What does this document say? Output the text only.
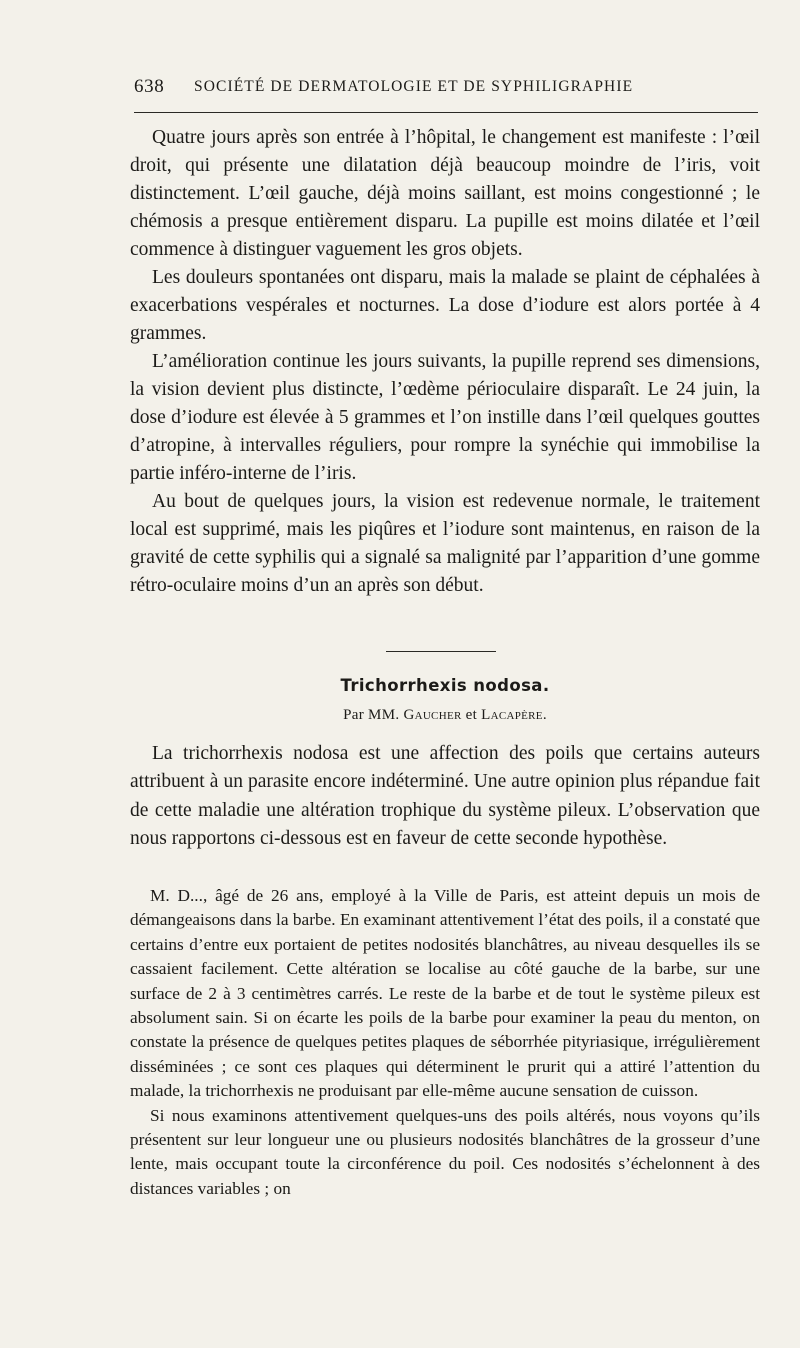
638 SOCIÉTÉ DE DERMATOLOGIE ET DE SYPHILIGRAPHIE

Quatre jours après son entrée à l’hôpital, le changement est manifeste : l’œil droit, qui présente une dilatation déjà beaucoup moindre de l’iris, voit distinctement. L’œil gauche, déjà moins saillant, est moins congestionné ; le chémosis a presque entièrement disparu. La pupille est moins dilatée et l’œil commence à distinguer vaguement les gros objets.

Les douleurs spontanées ont disparu, mais la malade se plaint de céphalées à exacerbations vespérales et nocturnes. La dose d’iodure est alors portée à 4 grammes.

L’amélioration continue les jours suivants, la pupille reprend ses dimensions, la vision devient plus distincte, l’œdème périoculaire disparaît. Le 24 juin, la dose d’iodure est élevée à 5 grammes et l’on instille dans l’œil quelques gouttes d’atropine, à intervalles réguliers, pour rompre la synéchie qui immobilise la partie inféro-interne de l’iris.

Au bout de quelques jours, la vision est redevenue normale, le traitement local est supprimé, mais les piqûres et l’iodure sont maintenus, en raison de la gravité de cette syphilis qui a signalé sa malignité par l’apparition d’une gomme rétro-oculaire moins d’un an après son début.

Trichorrhexis nodosa.
Par MM. Gaucher et Lacapère.

La trichorrhexis nodosa est une affection des poils que certains auteurs attribuent à un parasite encore indéterminé. Une autre opinion plus répandue fait de cette maladie une altération trophique du système pileux. L’observation que nous rapportons ci-dessous est en faveur de cette seconde hypothèse.

M. D..., âgé de 26 ans, employé à la Ville de Paris, est atteint depuis un mois de démangeaisons dans la barbe. En examinant attentivement l’état des poils, il a constaté que certains d’entre eux portaient de petites nodosités blanchâtres, au niveau desquelles ils se cassaient facilement. Cette altération se localise au côté gauche de la barbe, sur une surface de 2 à 3 centimètres carrés. Le reste de la barbe et de tout le système pileux est absolument sain. Si on écarte les poils de la barbe pour examiner la peau du menton, on constate la présence de quelques petites plaques de séborrhée pityriasique, irrégulièrement disséminées ; ce sont ces plaques qui déterminent le prurit qui a attiré l’attention du malade, la trichorrhexis ne produisant par elle-même aucune sensation de cuisson.

Si nous examinons attentivement quelques-uns des poils altérés, nous voyons qu’ils présentent sur leur longueur une ou plusieurs nodosités blanchâtres de la grosseur d’une lente, mais occupant toute la circonférence du poil. Ces nodosités s’échelonnent à des distances variables ; on
